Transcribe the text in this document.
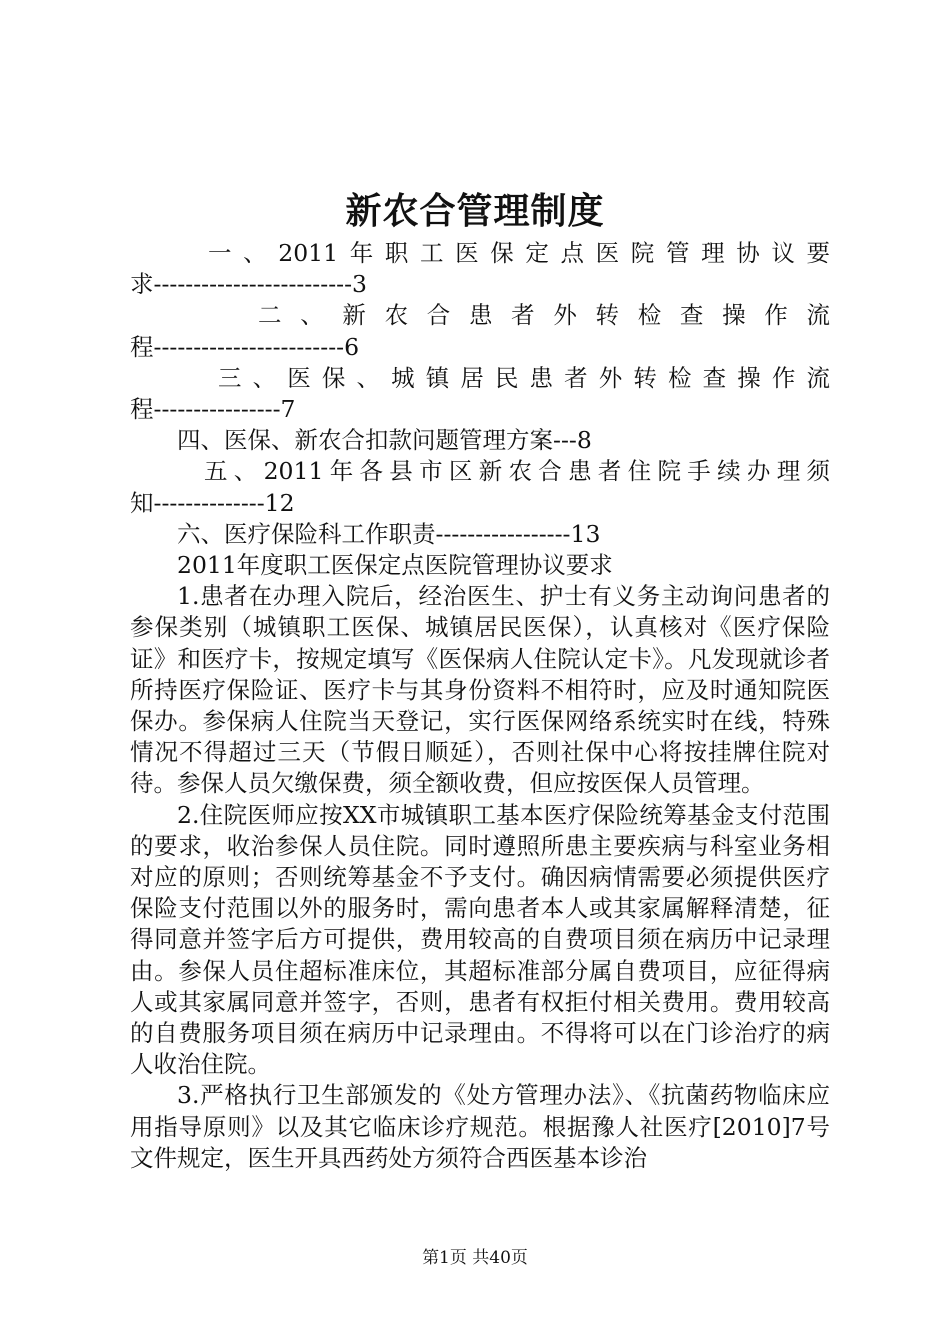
新农合管理制度
一、2011年职工医保定点医院管理协议要
求-------------------------3
二、新农合患者外转检查操作流
程------------------------6
三、医保、城镇居民患者外转检查操作流
程----------------7
四、医保、新农合扣款问题管理方案---8
五、2011年各县市区新农合患者住院手续办理须
知--------------12
六、医疗保险科工作职责-----------------13
2011年度职工医保定点医院管理协议要求

1.患者在办理入院后，经治医生、护士有义务主动询问患者的参保类别（城镇职工医保、城镇居民医保），认真核对《医疗保险证》和医疗卡，按规定填写《医保病人住院认定卡》。凡发现就诊者所持医疗保险证、医疗卡与其身份资料不相符时，应及时通知院医保办。参保病人住院当天登记，实行医保网络系统实时在线，特殊情况不得超过三天（节假日顺延），否则社保中心将按挂牌住院对待。参保人员欠缴保费，须全额收费，但应按医保人员管理。

2.住院医师应按XX市城镇职工基本医疗保险统筹基金支付范围的要求，收治参保人员住院。同时遵照所患主要疾病与科室业务相对应的原则；否则统筹基金不予支付。确因病情需要必须提供医疗保险支付范围以外的服务时，需向患者本人或其家属解释清楚，征得同意并签字后方可提供，费用较高的自费项目须在病历中记录理由。参保人员住超标准床位，其超标准部分属自费项目，应征得病人或其家属同意并签字，否则，患者有权拒付相关费用。费用较高的自费服务项目须在病历中记录理由。不得将可以在门诊治疗的病人收治住院。

3.严格执行卫生部颁发的《处方管理办法》、《抗菌药物临床应用指导原则》以及其它临床诊疗规范。根据豫人社医疗[2010]7号文件规定，医生开具西药处方须符合西医基本诊治

第1页 共40页
